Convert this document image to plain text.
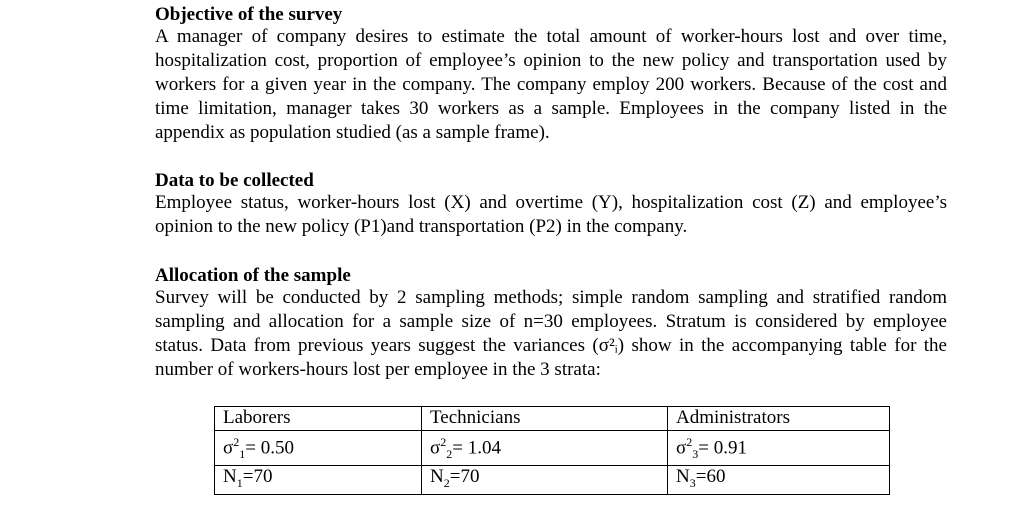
Objective of the survey

A manager of company desires to estimate the total amount of worker-hours lost and over time, hospitalization cost, proportion of employee’s opinion to the new policy and transportation used by workers for a given year in the company. The company employ 200 workers. Because of the cost and time limitation, manager takes 30 workers as a sample. Employees in the company listed in the appendix as population studied (as a sample frame).

Data to be collected

Employee status, worker-hours lost (X) and overtime (Y), hospitalization cost (Z) and employee’s opinion to the new policy (P1)and transportation (P2) in the company.

Allocation of the sample

Survey will be conducted by 2 sampling methods; simple random sampling and stratified random sampling and allocation for a sample size of n=30 employees. Stratum is considered by employee status. Data from previous years suggest the variances (σ²ᵢ) show in the accompanying table for the number of workers-hours lost per employee in the 3 strata:

Laborers	Technicians	Administrators
$\sigma^2_1= 0.50$	$\sigma^2_2= 1.04$	$\sigma^2_3= 0.91$
$N_1=70$	$N_2=70$	$N_3=60$
